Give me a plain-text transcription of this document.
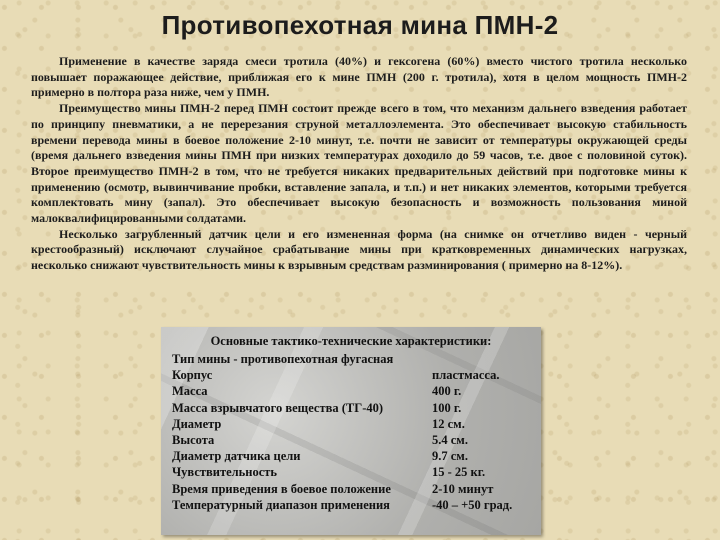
Противопехотная мина ПМН-2

Применение в качестве заряда смеси тротила (40%) и гексогена (60%) вместо чистого тротила несколько повышает поражающее действие, приближая его к мине ПМН (200 г. тротила), хотя в целом мощность ПМН-2 примерно в полтора раза ниже, чем у ПМН.

Преимущество мины ПМН-2 перед ПМН состоит прежде всего в том, что механизм дальнего взведения работает по принципу пневматики, а не перерезания струной металлоэлемента. Это обеспечивает высокую стабильность времени перевода мины в боевое положение 2-10 минут, т.е. почти не зависит от температуры окружающей среды (время дальнего взведения мины ПМН при низких температурах доходило до 59 часов, т.е. двое с половиной суток). Второе преимущество ПМН-2 в том, что не требуется никаких предварительных действий при подготовке мины к применению (осмотр, вывинчивание пробки, вставление запала, и т.п.) и нет никаких элементов, которыми требуется комплектовать мину (запал). Это обеспечивает высокую безопасность и возможность пользования миной малоквалифицированными солдатами.

Несколько загрубленный датчик цели и его измененная форма (на снимке он отчетливо виден - черный крестообразный) исключают случайное срабатывание мины при кратковременных динамических нагрузках, несколько снижают чувствительность мины к взрывным средствам разминирования ( примерно на 8-12%).

Основные тактико-технические характеристики:
Тип мины - противопехотная фугасная
Корпус	пластмасса.
Масса	400 г.
Масса взрывчатого вещества (ТГ-40)	100 г.
Диаметр	12 см.
Высота	5.4 см.
Диаметр датчика цели	9.7 см.
Чувствительность	15 - 25 кг.
Время приведения в боевое положение	2-10 минут
Температурный диапазон применения	-40 – +50 град.
